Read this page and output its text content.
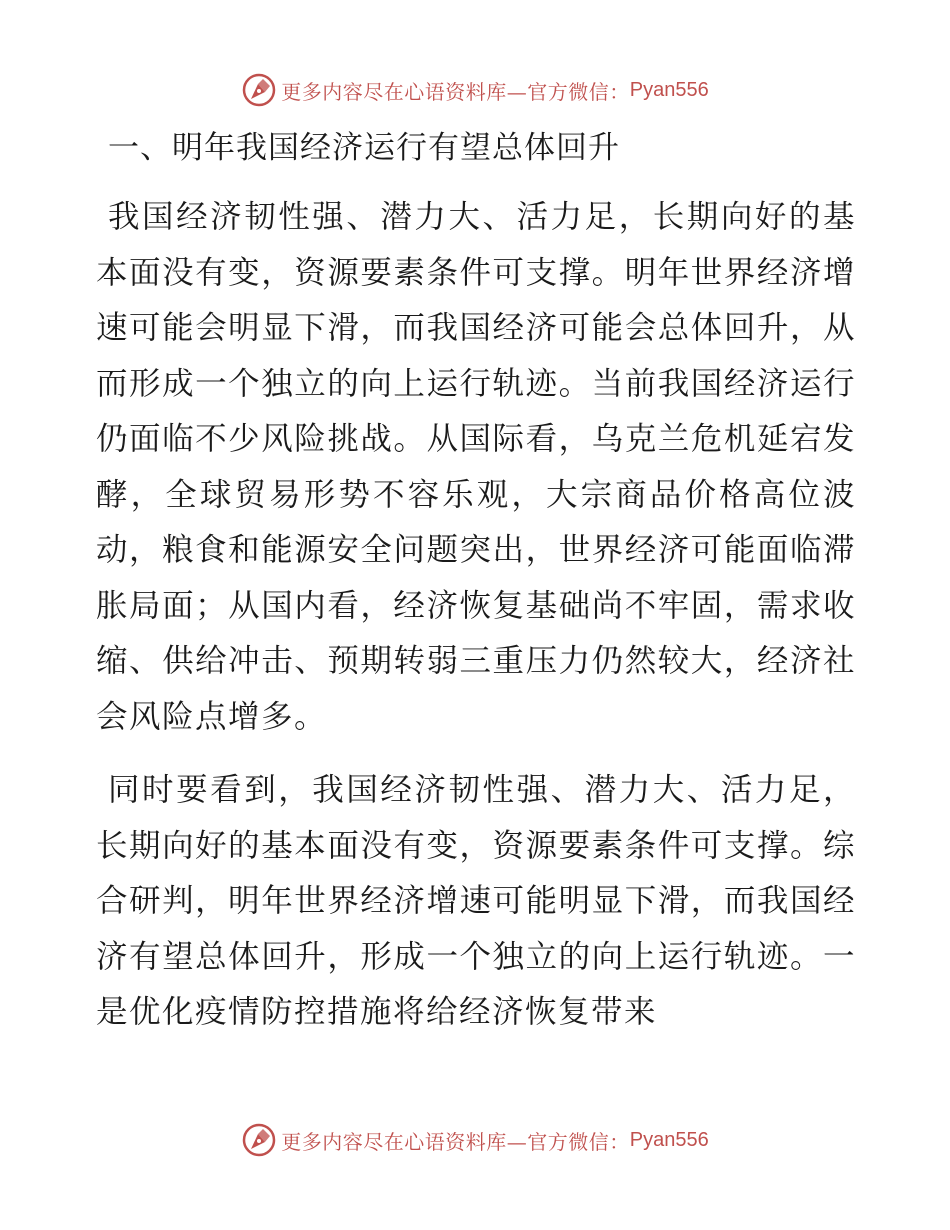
更多内容尽在心语资料库—官方微信： Pyan556
一、明年我国经济运行有望总体回升

我国经济韧性强、潜力大、活力足，长期向好的基本面没有变，资源要素条件可支撑。明年世界经济增速可能会明显下滑，而我国经济可能会总体回升，从而形成一个独立的向上运行轨迹。当前我国经济运行仍面临不少风险挑战。从国际看，乌克兰危机延宕发酵，全球贸易形势不容乐观，大宗商品价格高位波动，粮食和能源安全问题突出，世界经济可能面临滞胀局面；从国内看，经济恢复基础尚不牢固，需求收缩、供给冲击、预期转弱三重压力仍然较大，经济社会风险点增多。

同时要看到，我国经济韧性强、潜力大、活力足，长期向好的基本面没有变，资源要素条件可支撑。综合研判，明年世界经济增速可能明显下滑，而我国经济有望总体回升，形成一个独立的向上运行轨迹。一是优化疫情防控措施将给经济恢复带来

更多内容尽在心语资料库—官方微信： Pyan556
